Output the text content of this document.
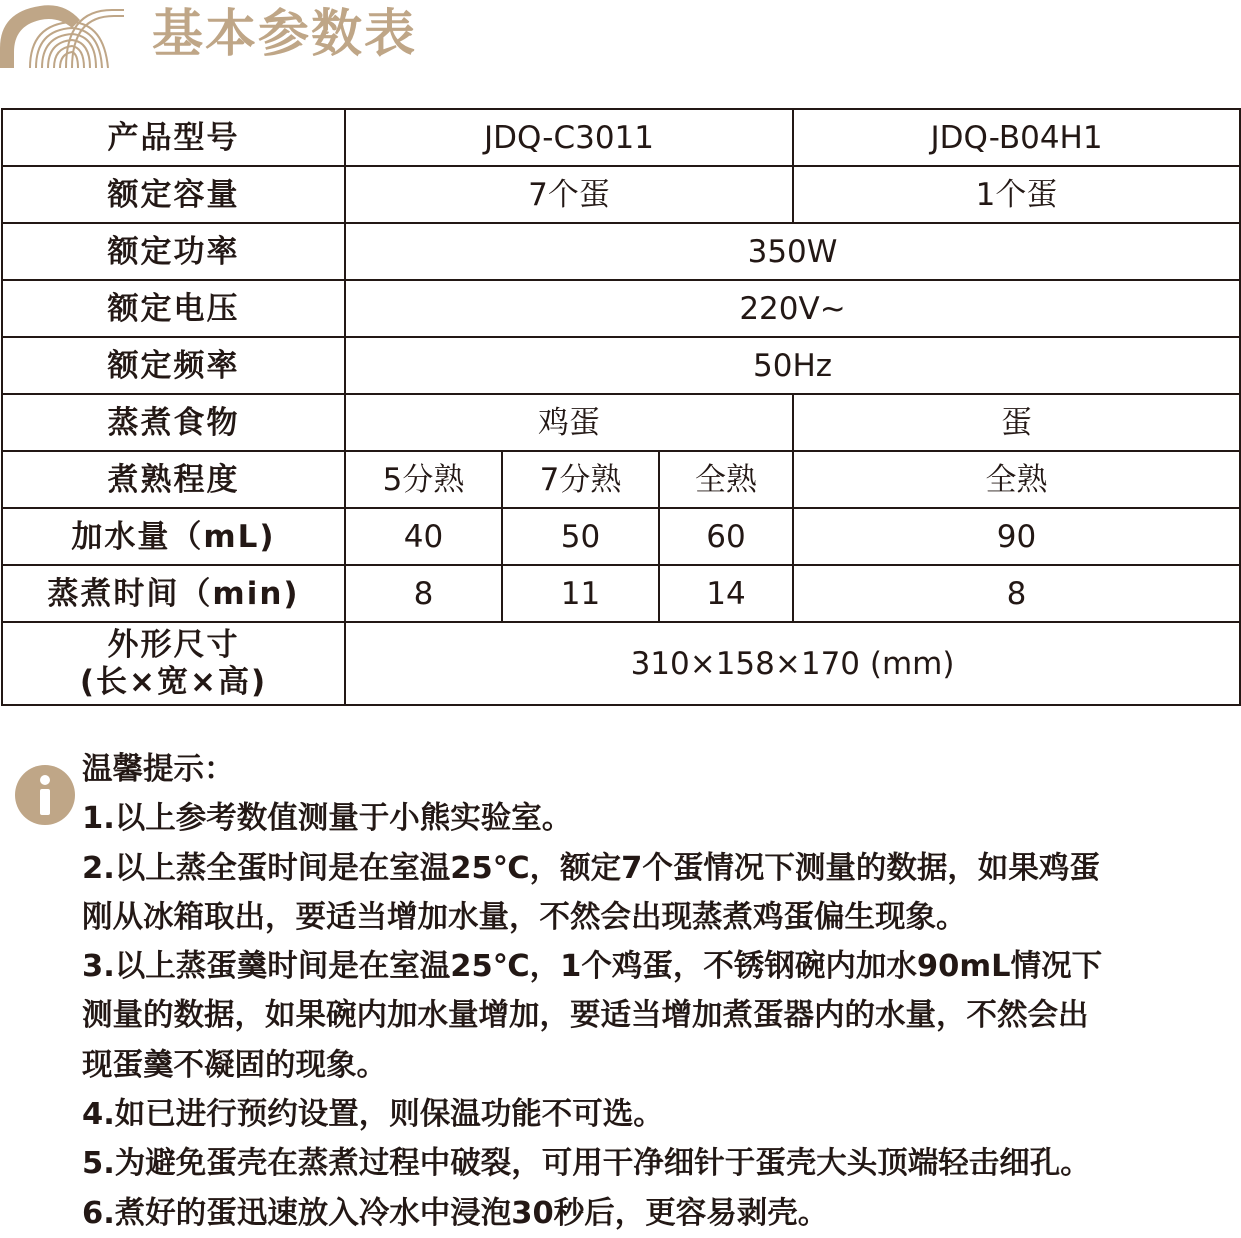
基本参数表
产品型号	JDQ-C3011			JDQ-B04H1
额定容量	7个蛋			1个蛋
额定功率	350W			
额定电压	220V~			
额定频率	50Hz			
蒸煮食物	鸡蛋			蛋
煮熟程度	5分熟	7分熟	全熟	全熟
加水量（mL)	40	50	60	90
蒸煮时间（min)	8	11	14	8

外形尺寸
(长×宽×高)	310×158×170 (mm)			
温馨提示：
1.以上参考数值测量于小熊实验室。
2.以上蒸全蛋时间是在室温25℃，额定7个蛋情况下测量的数据，如果鸡蛋
刚从冰箱取出，要适当增加水量，不然会出现蒸煮鸡蛋偏生现象。
3.以上蒸蛋羹时间是在室温25℃，1个鸡蛋，不锈钢碗内加水90mL情况下
测量的数据，如果碗内加水量增加，要适当增加煮蛋器内的水量，不然会出
现蛋羹不凝固的现象。
4.如已进行预约设置，则保温功能不可选。
5.为避免蛋壳在蒸煮过程中破裂，可用干净细针于蛋壳大头顶端轻击细孔。
6.煮好的蛋迅速放入冷水中浸泡30秒后，更容易剥壳。
